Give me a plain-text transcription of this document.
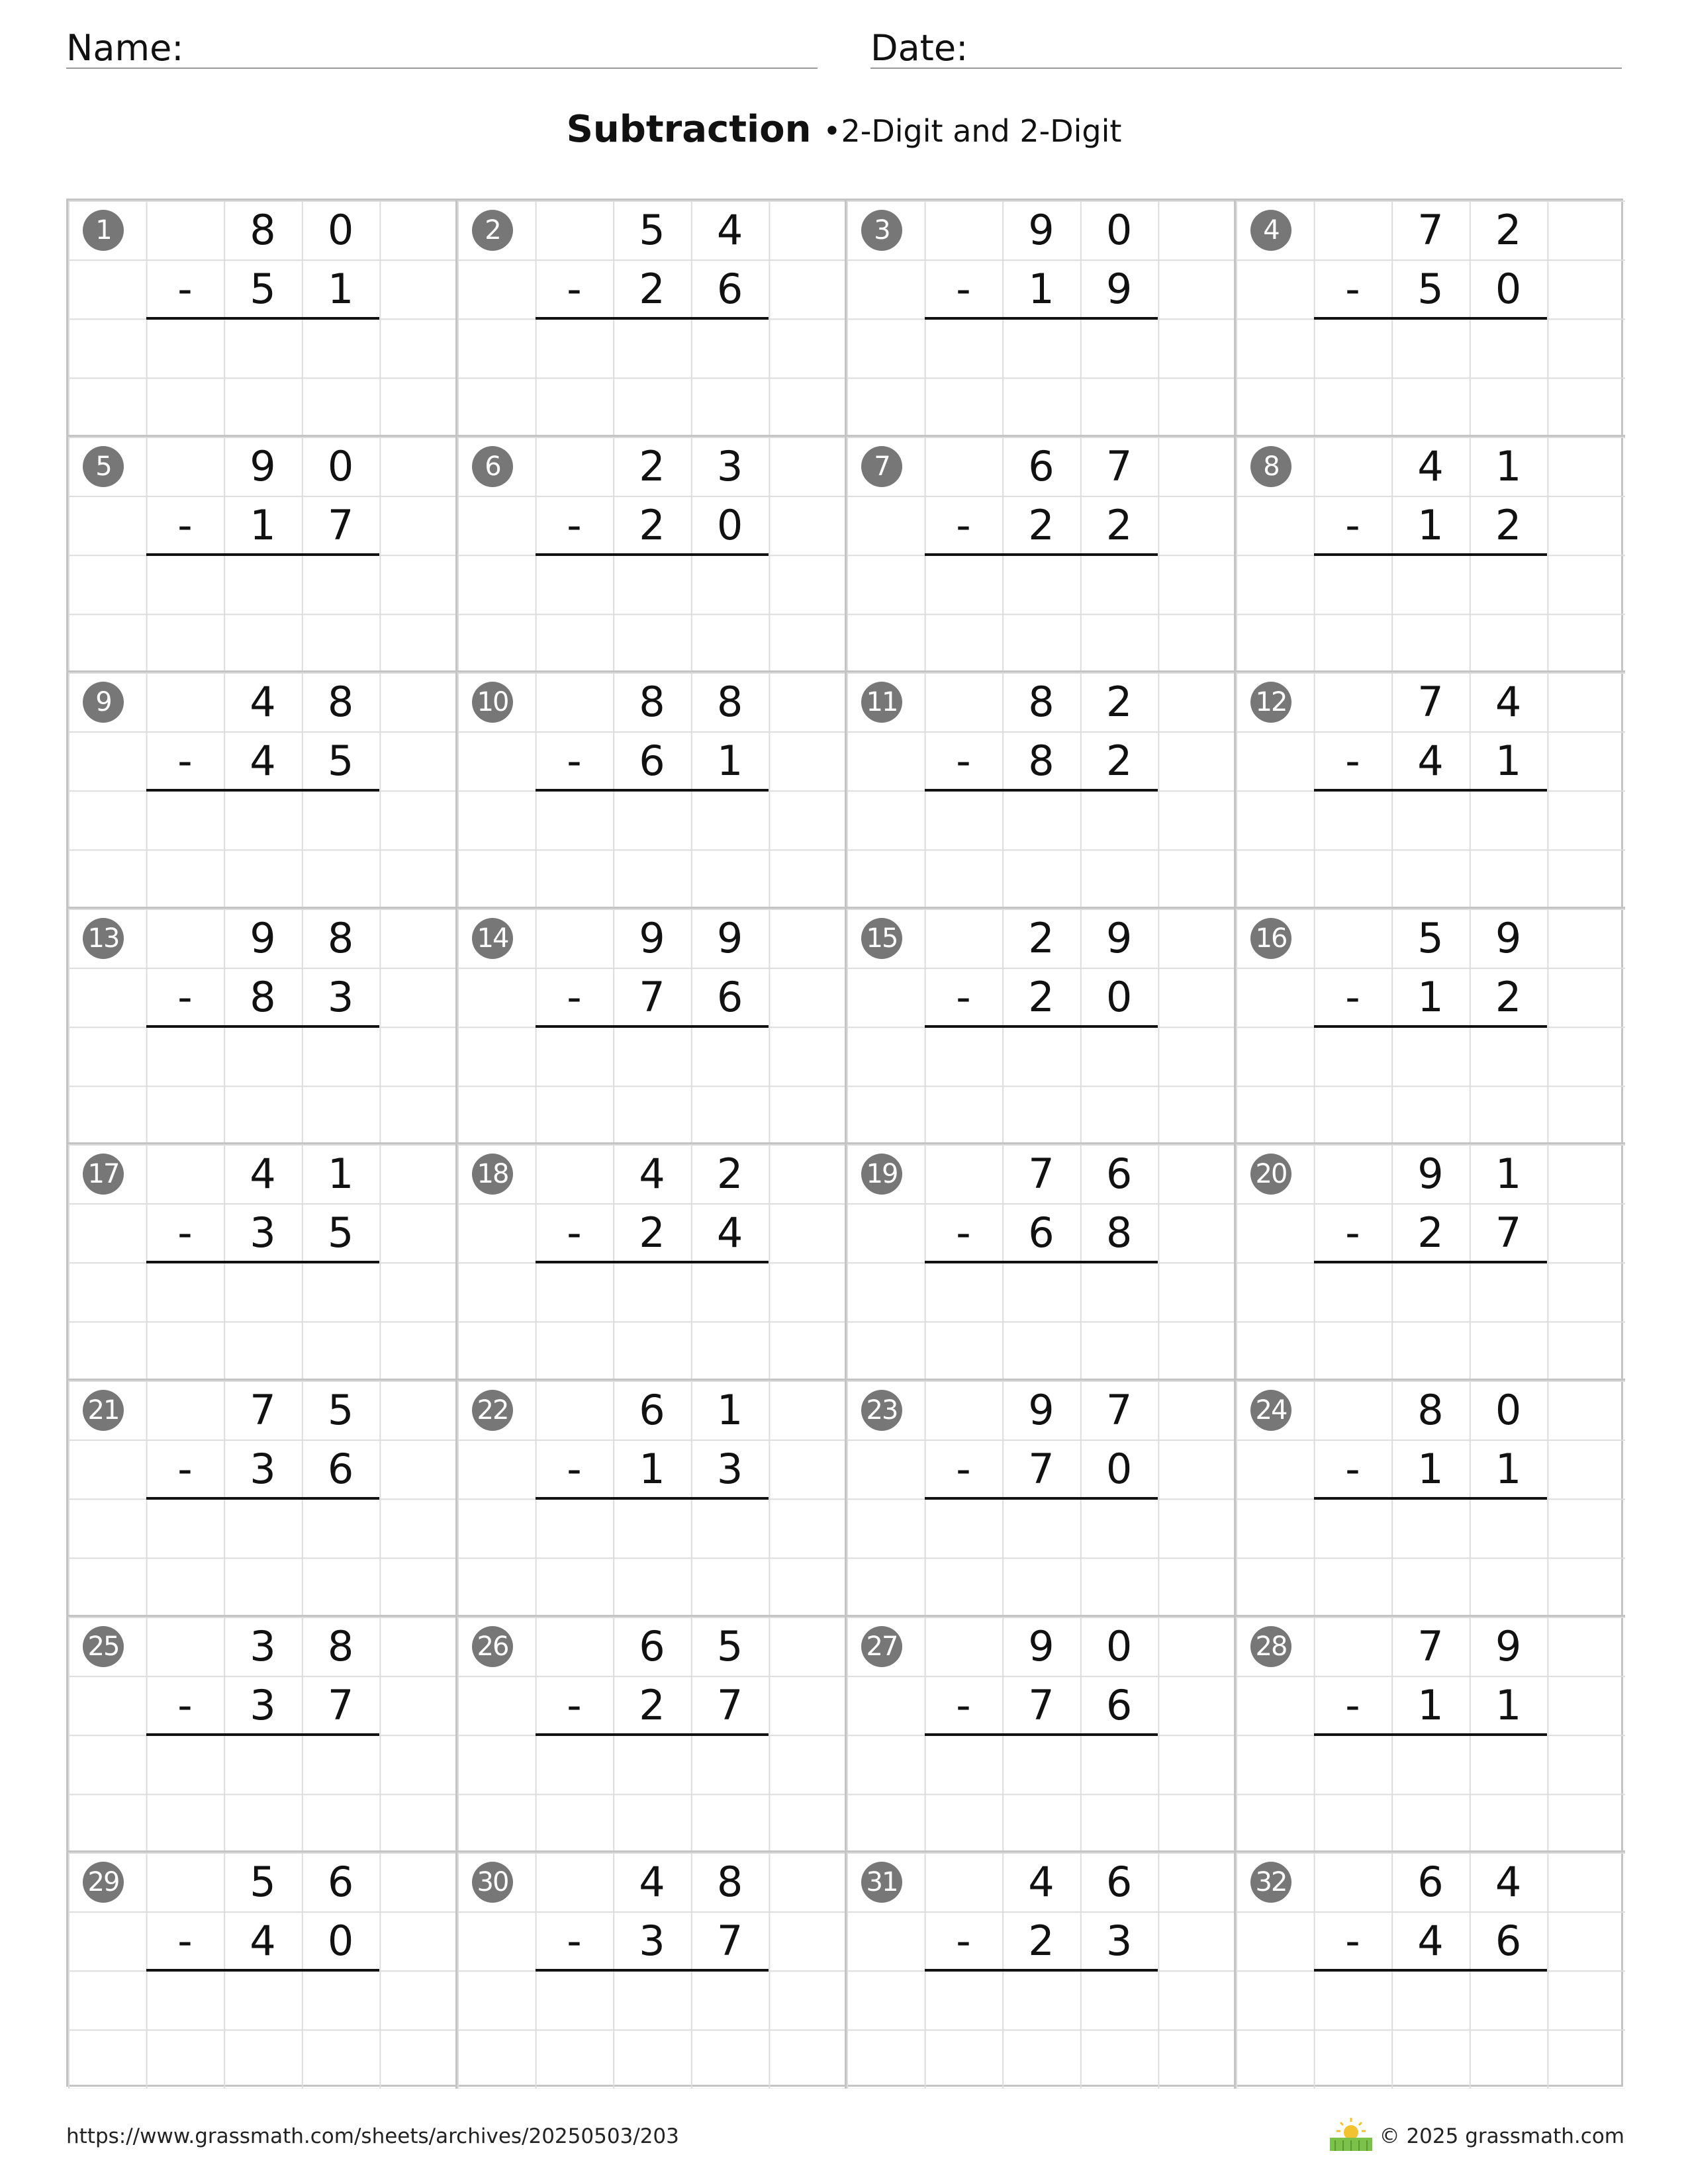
Name:	Date:
Subtraction •2-Digit and 2-Digit
1	8	0
-	5	1
2	5	4
-	2	6
3	9	0
-	1	9
4	7	2
-	5	0
5	9	0
-	1	7
6	2	3
-	2	0
7	6	7
-	2	2
8	4	1
-	1	2
9	4	8
-	4	5
10	8	8
-	6	1
11	8	2
-	8	2
12	7	4
-	4	1
13	9	8
-	8	3
14	9	9
-	7	6
15	2	9
-	2	0
16	5	9
-	1	2
17	4	1
-	3	5
18	4	2
-	2	4
19	7	6
-	6	8
20	9	1
-	2	7
21	7	5
-	3	6
22	6	1
-	1	3
23	9	7
-	7	0
24	8	0
-	1	1
25	3	8
-	3	7
26	6	5
-	2	7
27	9	0
-	7	6
28	7	9
-	1	1
29	5	6
-	4	0
30	4	8
-	3	7
31	4	6
-	2	3
32	6	4
-	4	6
https://www.grassmath.com/sheets/archives/20250503/203	© 2025 grassmath.com
